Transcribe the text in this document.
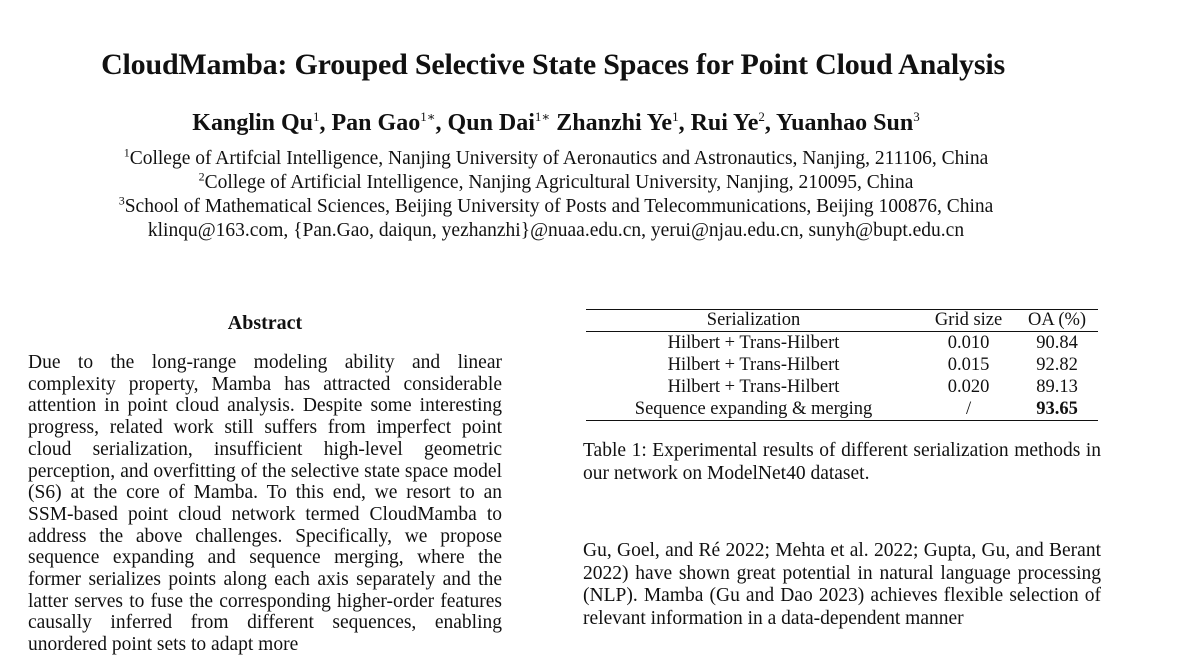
CloudMamba: Grouped Selective State Spaces for Point Cloud Analysis
Kanglin Qu$^1$, Pan Gao$^{1∗}$, Qun Dai$^{1∗}$ Zhanzhi Ye$^1$, Rui Ye$^2$, Yuanhao Sun$^3$
$^1$College of Artifcial Intelligence, Nanjing University of Aeronautics and Astronautics, Nanjing, 211106, China
$^2$College of Artificial Intelligence, Nanjing Agricultural University, Nanjing, 210095, China
$^3$School of Mathematical Sciences, Beijing University of Posts and Telecommunications, Beijing 100876, China
klinqu@163.com, {Pan.Gao, daiqun, yezhanzhi}@nuaa.edu.cn, yerui@njau.edu.cn, sunyh@bupt.edu.cn
Abstract
Due to the long-range modeling ability and linear complexity property, Mamba has attracted considerable attention in point cloud analysis. Despite some interesting progress, related work still suffers from imperfect point cloud serialization, insufficient high-level geometric perception, and overfitting of the selective state space model (S6) at the core of Mamba. To this end, we resort to an SSM-based point cloud network termed CloudMamba to address the above challenges. Specifically, we propose sequence expanding and sequence merging, where the former serializes points along each axis separately and the latter serves to fuse the corresponding higher-order features causally inferred from different sequences, enabling unordered point sets to adapt more
Serialization	Grid size	OA (%)
Hilbert + Trans-Hilbert	0.010	90.84
Hilbert + Trans-Hilbert	0.015	92.82
Hilbert + Trans-Hilbert	0.020	89.13
Sequence expanding & merging	/	93.65
Table 1: Experimental results of different serialization methods in our network on ModelNet40 dataset.
Gu, Goel, and Ré 2022; Mehta et al. 2022; Gupta, Gu, and Berant 2022) have shown great potential in natural language processing (NLP). Mamba (Gu and Dao 2023) achieves flexible selection of relevant information in a data-dependent manner
